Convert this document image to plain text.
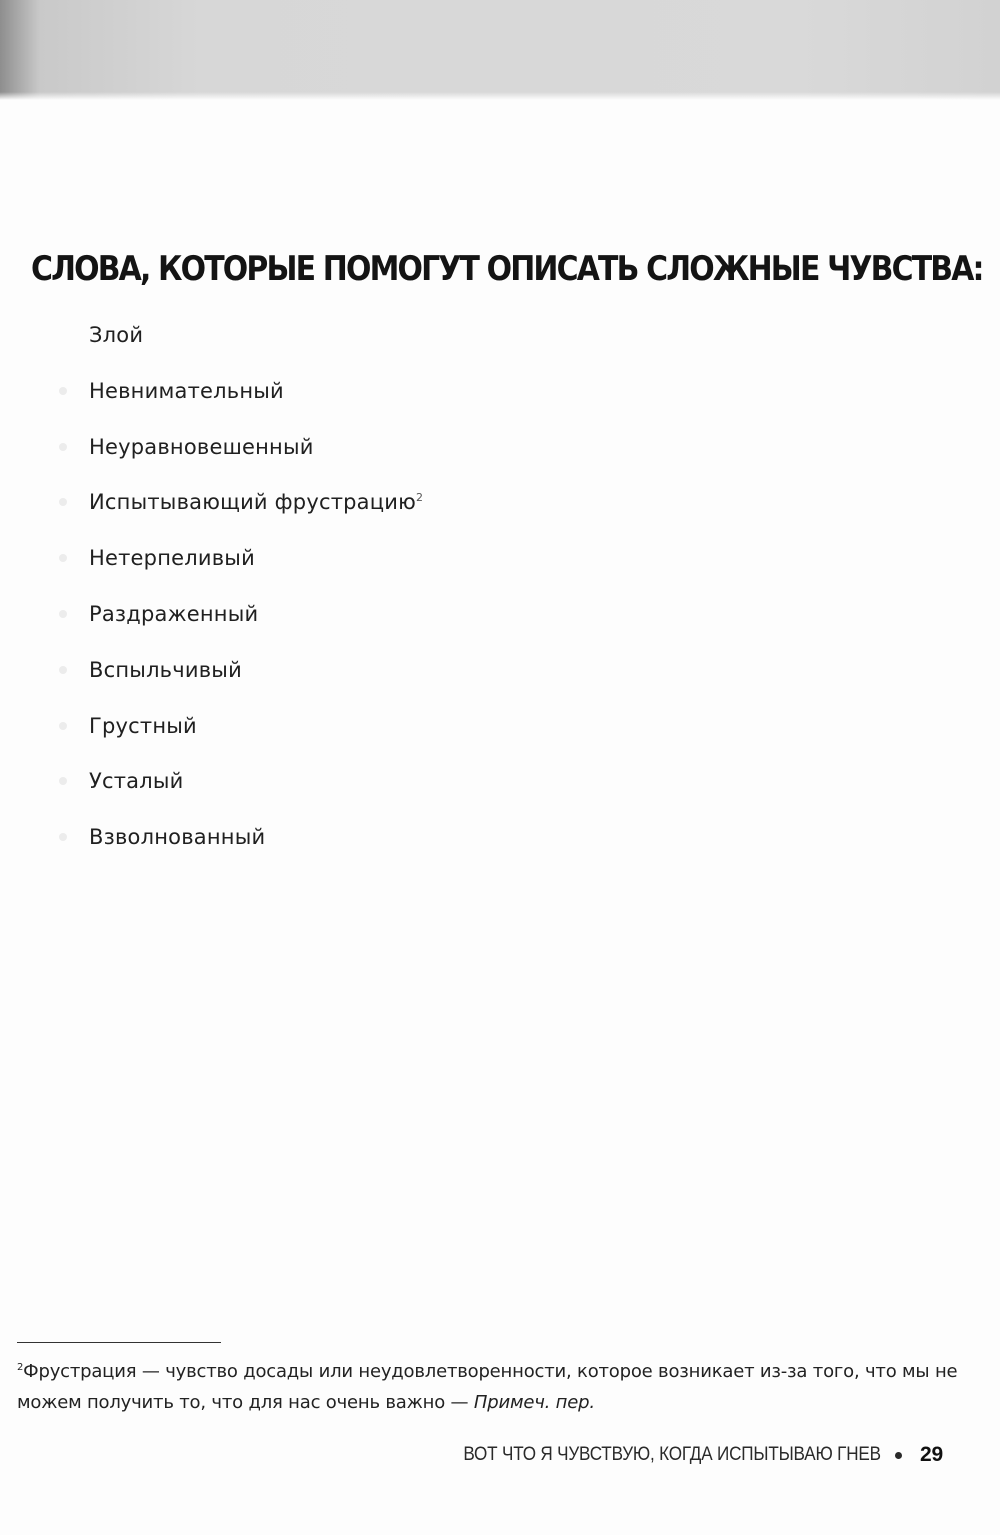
СЛОВА, КОТОРЫЕ ПОМОГУТ ОПИСАТЬ СЛОЖНЫЕ ЧУВСТВА:
Злой
Невнимательный
Неуравновешенный
Испытывающий фрустрацию$^2$
Нетерпеливый
Раздраженный
Вспыльчивый
Грустный
Усталый
Взволнованный

$^2$Фрустрация — чувство досады или неудовлетворенности, которое возникает из-за того, что мы не можем получить то, что для нас очень важно — Примеч. пер.

ВОТ ЧТО Я ЧУВСТВУЮ, КОГДА ИСПЫТЫВАЮ ГНЕВ 29
